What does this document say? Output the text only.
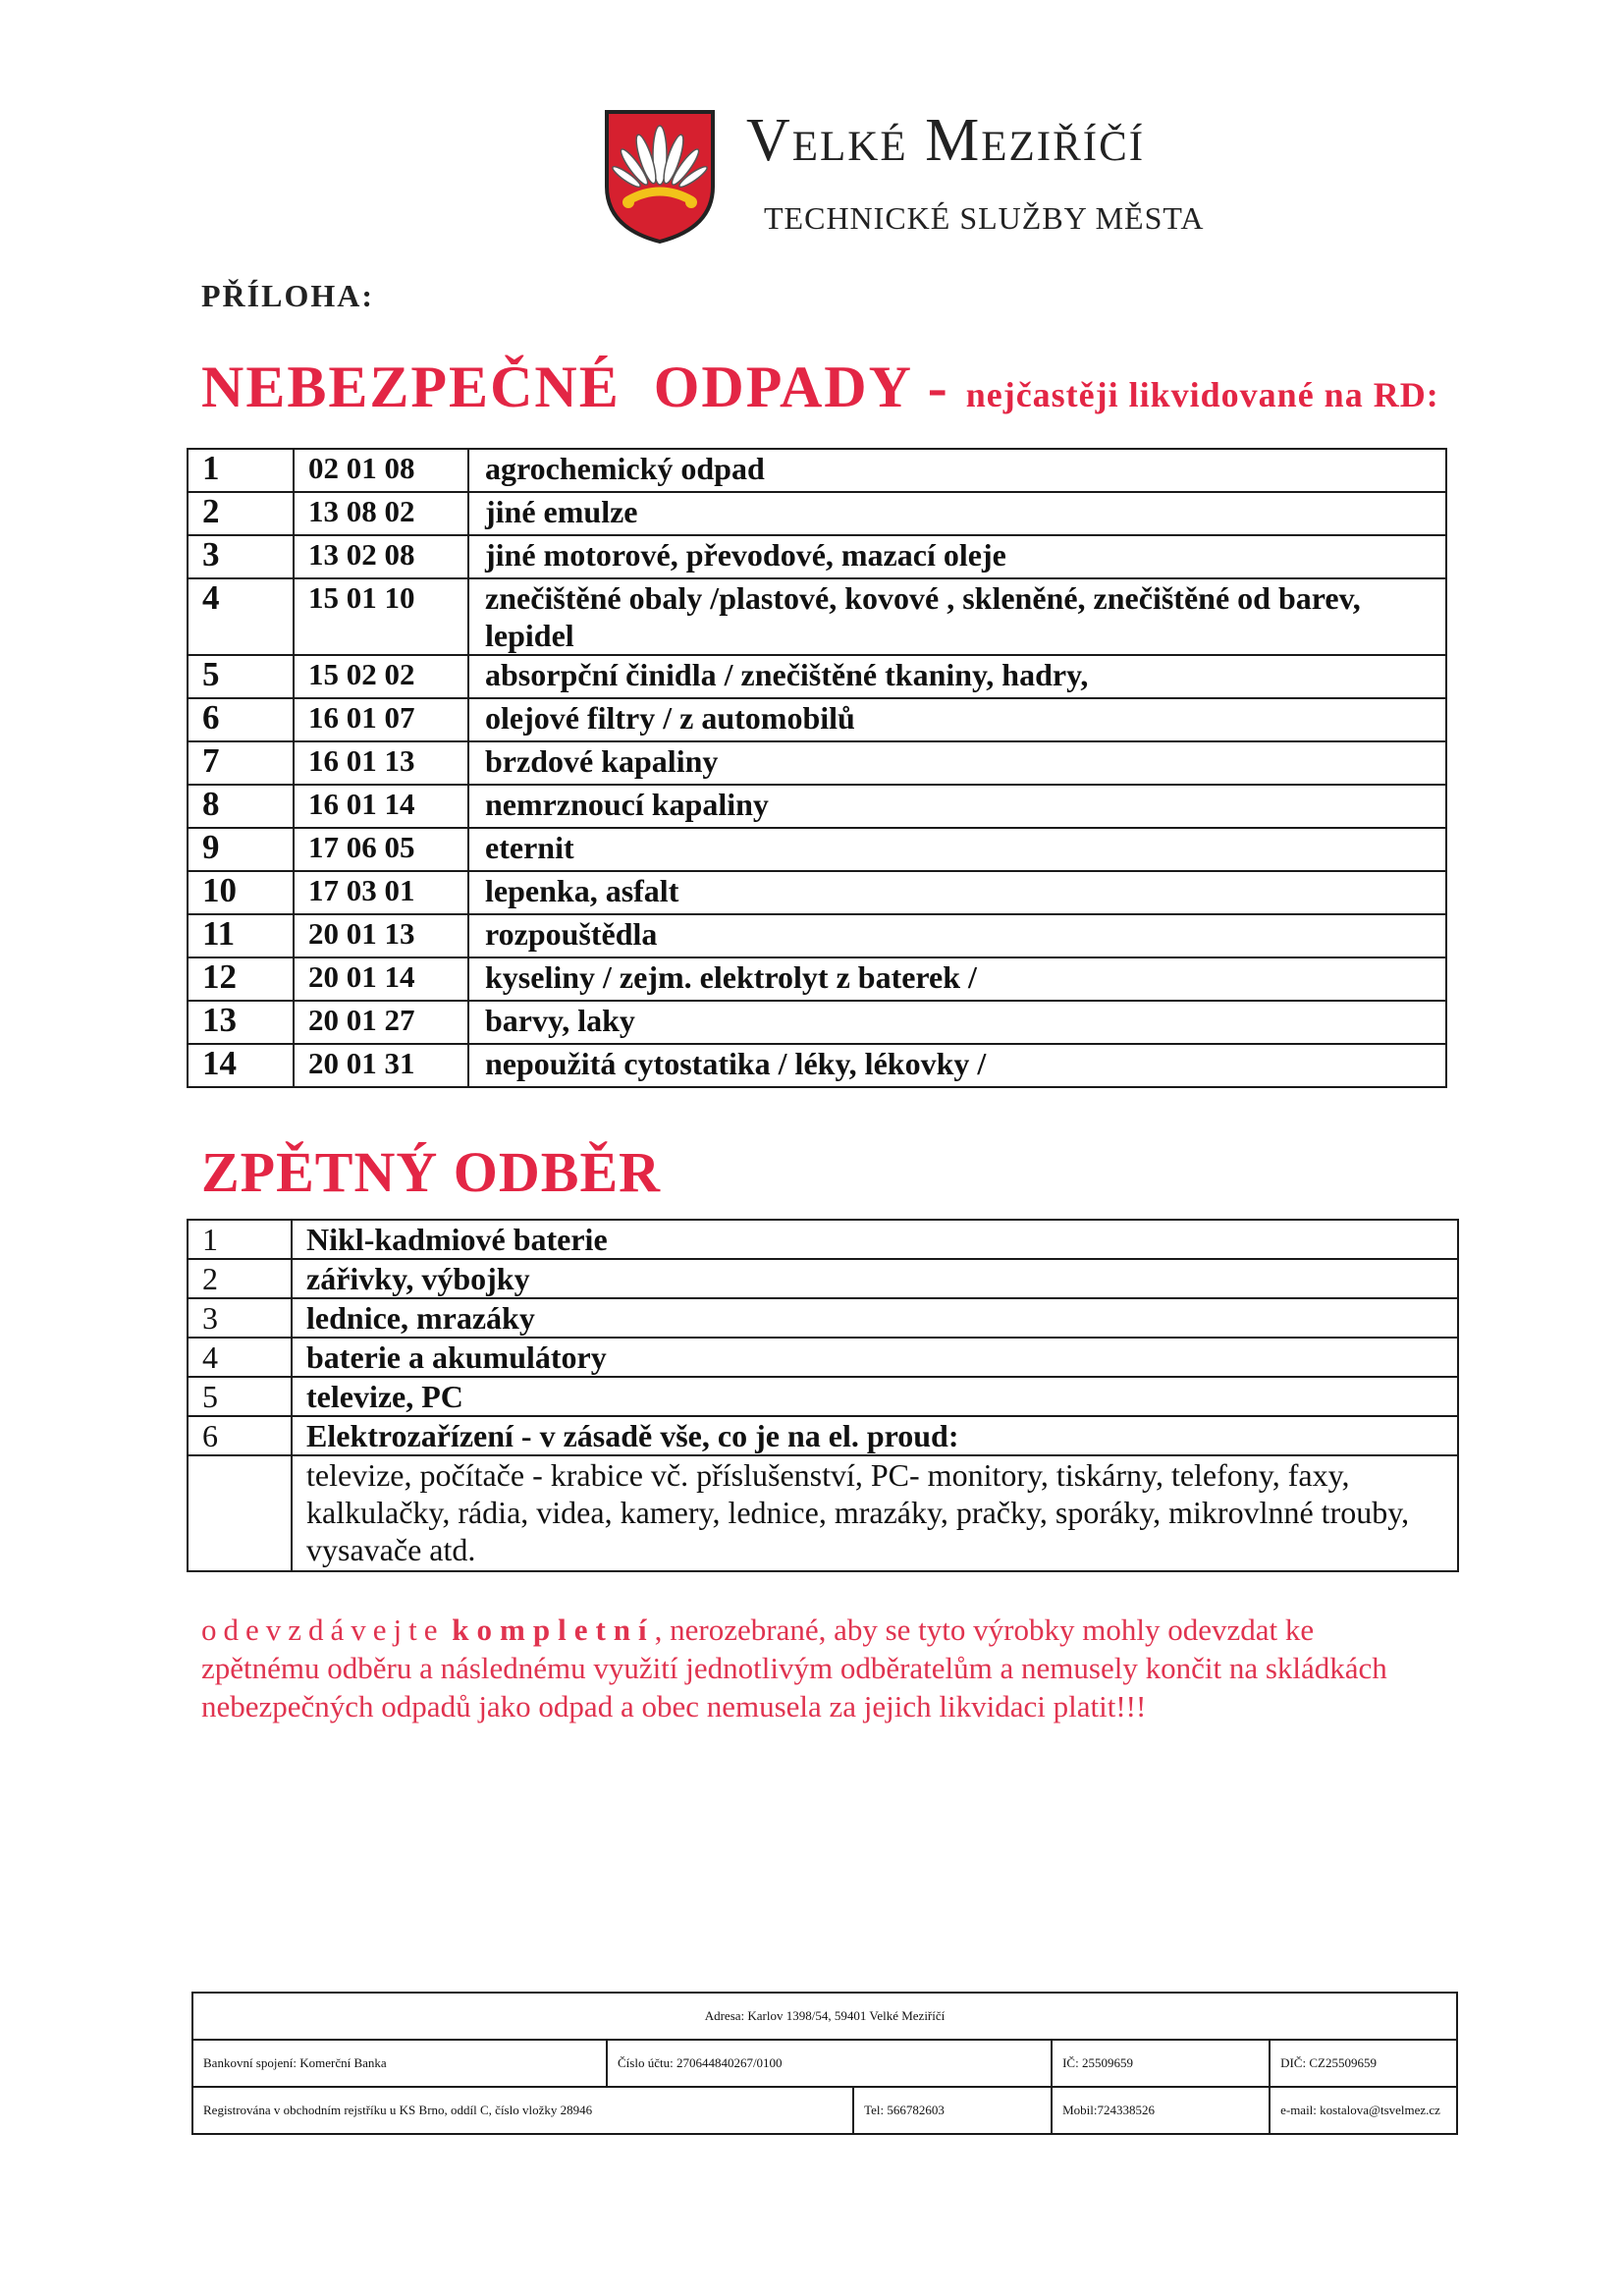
Velké Meziříčí
TECHNICKÉ SLUŽBY MĚSTA
PŘÍLOHA:
NEBEZPEČNÉ  ODPADY - nejčastěji likvidované na RD:
1	02 01 08	agrochemický odpad
2	13 08 02	jiné emulze
3	13 02 08	jiné motorové, převodové, mazací oleje
4	15 01 10	znečištěné obaly /plastové, kovové , skleněné, znečištěné od barev, lepidel
5	15 02 02	absorpční činidla / znečištěné tkaniny, hadry,
6	16 01 07	olejové filtry / z automobilů
7	16 01 13	brzdové kapaliny
8	16 01 14	nemrznoucí kapaliny
9	17 06 05	eternit
10	17 03 01	lepenka, asfalt
11	20 01 13	rozpouštědla
12	20 01 14	kyseliny / zejm. elektrolyt z baterek /
13	20 01 27	barvy, laky
14	20 01 31	nepoužitá cytostatika / léky, lékovky /
ZPĚTNÝ ODBĚR
1	Nikl-kadmiové baterie
2	zářivky, výbojky
3	lednice, mrazáky
4	baterie a akumulátory
5	televize, PC
6	Elektrozařízení - v zásadě vše, co je na el. proud:
	televize, počítače - krabice vč. příslušenství, PC- monitory, tiskárny, telefony, faxy, kalkulačky, rádia, videa, kamery, lednice, mrazáky, pračky, sporáky, mikrovlnné trouby, vysavače atd.
odevzdávejte kompletní, nerozebrané, aby se tyto výrobky mohly odevzdat ke zpětnému odběru a následnému využití jednotlivým odběratelům a nemusely končit na skládkách nebezpečných odpadů jako odpad a obec nemusela za jejich likvidaci platit!!!
Adresa: Karlov 1398/54, 59401 Velké Meziříčí				
Bankovní spojení: Komerční Banka	Číslo účtu: 270644840267/0100		IČ: 25509659	DIČ: CZ25509659
Registrována v obchodním rejstříku u KS Brno, oddíl C, číslo vložky 28946		Tel: 566782603	Mobil:724338526	e-mail: kostalova@tsvelmez.cz
